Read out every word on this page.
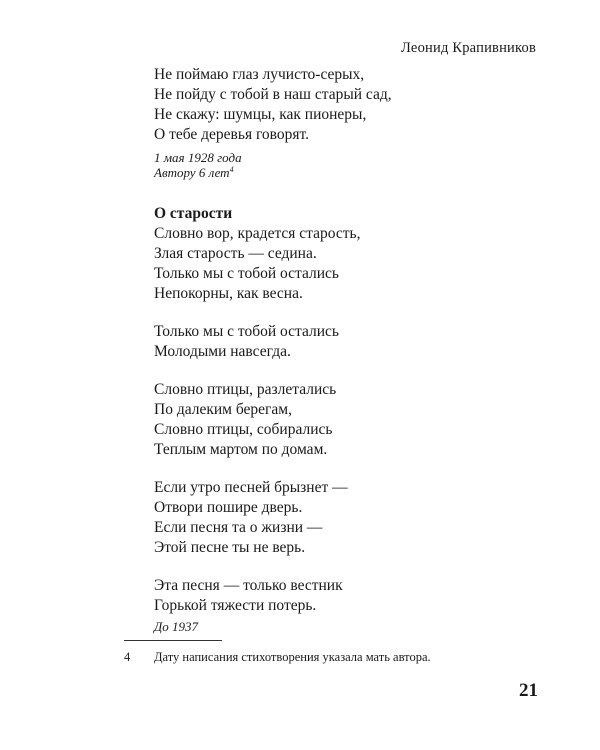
Леонид Крапивников
Не поймаю глаз лучисто-серых,
Не пойду с тобой в наш старый сад,
Не скажу: шумцы, как пионеры,
О тебе деревья говорят.
1 мая 1928 года
Автору 6 лет$^4$
О старости
Словно вор, крадется старость,
Злая старость — седина.
Только мы с тобой остались
Непокорны, как весна.
Только мы с тобой остались
Молодыми навсегда.
Словно птицы, разлетались
По далеким берегам,
Словно птицы, собирались
Теплым мартом по домам.
Если утро песней брызнет —
Отвори пошире дверь.
Если песня та о жизни —
Этой песне ты не верь.
Эта песня — только вестник
Горькой тяжести потерь.
До 1937
4 Дату написания стихотворения указала мать автора.
21
